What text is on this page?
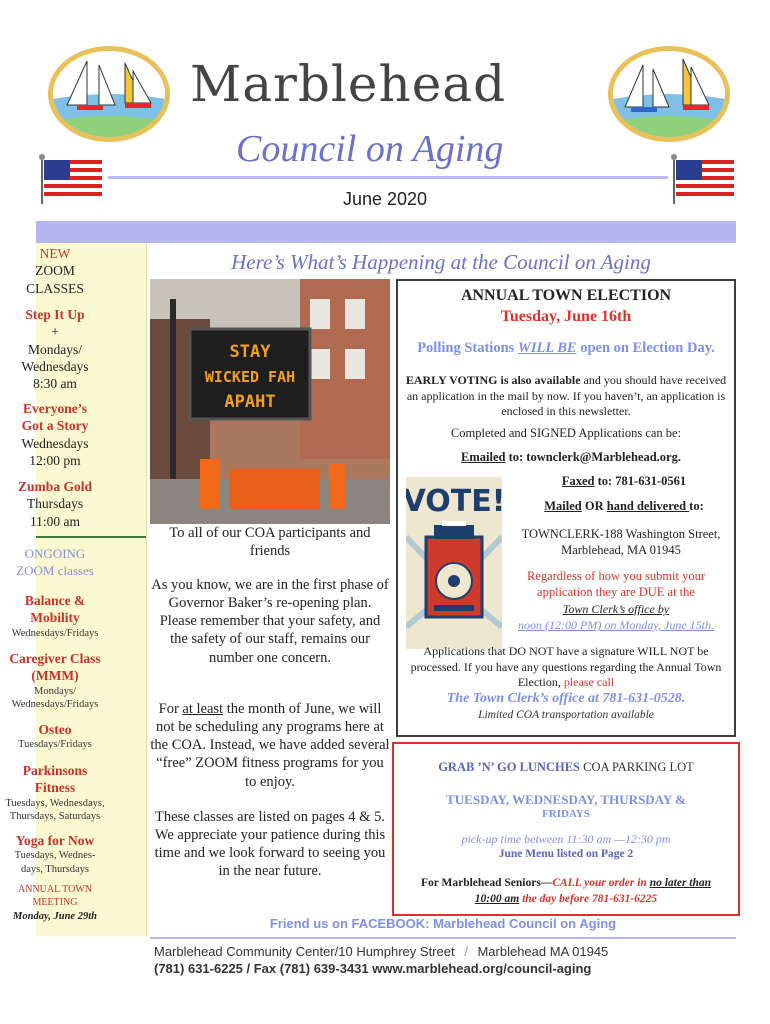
Marblehead
Council on Aging
June 2020
NEW
ZOOM
CLASSES
Step It Up
+
Mondays/ Wednesdays
8:30 am
Everyone’s Got a Story
Wednesdays
12:00 pm
Zumba Gold
Thursdays
11:00 am
ONGOING
ZOOM classes
Balance & Mobility
Wednesdays/Fridays
Caregiver Class (MMM)
Mondays/ Wednesdays/Fridays
Osteo
Tuesdays/Fridays
Parkinsons Fitness
Tuesdays, Wednesdays, Thursdays, Saturdays
Yoga for Now
Tuesdays, Wednes- days, Thursdays
ANNUAL TOWN
MEETING
Monday, June 29th
Here’s What’s Happening at the Council on Aging
STAY
WICKED FAH
APAHT
To all of our COA participants and friends
As you know, we are in the first phase of Governor Baker’s re-opening plan. Please remember that your safety, and the safety of our staff, remains our number one concern.
For at least the month of June, we will not be scheduling any programs here at the COA. Instead, we have added several “free” ZOOM fitness programs for you to enjoy.
These classes are listed on pages 4 & 5. We appreciate your patience during this time and we look forward to seeing you in the near future.
ANNUAL TOWN ELECTION
Tuesday, June 16th
Polling Stations WILL BE open on Election Day.
EARLY VOTING is also available and you should have received an application in the mail by now. If you haven’t, an application is enclosed in this newsletter.
Completed and SIGNED Applications can be:
Emailed to: townclerk@Marblehead.org.
Faxed to: 781-631-0561
Mailed OR hand delivered to:
VOTE!
TOWNCLERK-188 Washington Street, Marblehead, MA 01945
Regardless of how you submit your application they are DUE at the
Town Clerk’s office by
noon (12:00 PM) on Monday, June 15th.
Applications that DO NOT have a signature WILL NOT be processed. If you have any questions regarding the Annual Town Election, please call
The Town Clerk’s office at 781-631-0528.
Limited COA transportation available
GRAB ’N’ GO LUNCHES COA PARKING LOT
TUESDAY, WEDNESDAY, THURSDAY &
FRIDAYS
pick-up time between 11:30 am —12:30 pm
June Menu listed on Page 2
For Marblehead Seniors—CALL your order in no later than
10:00 am the day before 781-631-6225
Friend us on FACEBOOK: Marblehead Council on Aging
Marblehead Community Center/10 Humphrey Street / Marblehead MA 01945
(781) 631-6225 / Fax (781) 639-3431 www.marblehead.org/council-aging
